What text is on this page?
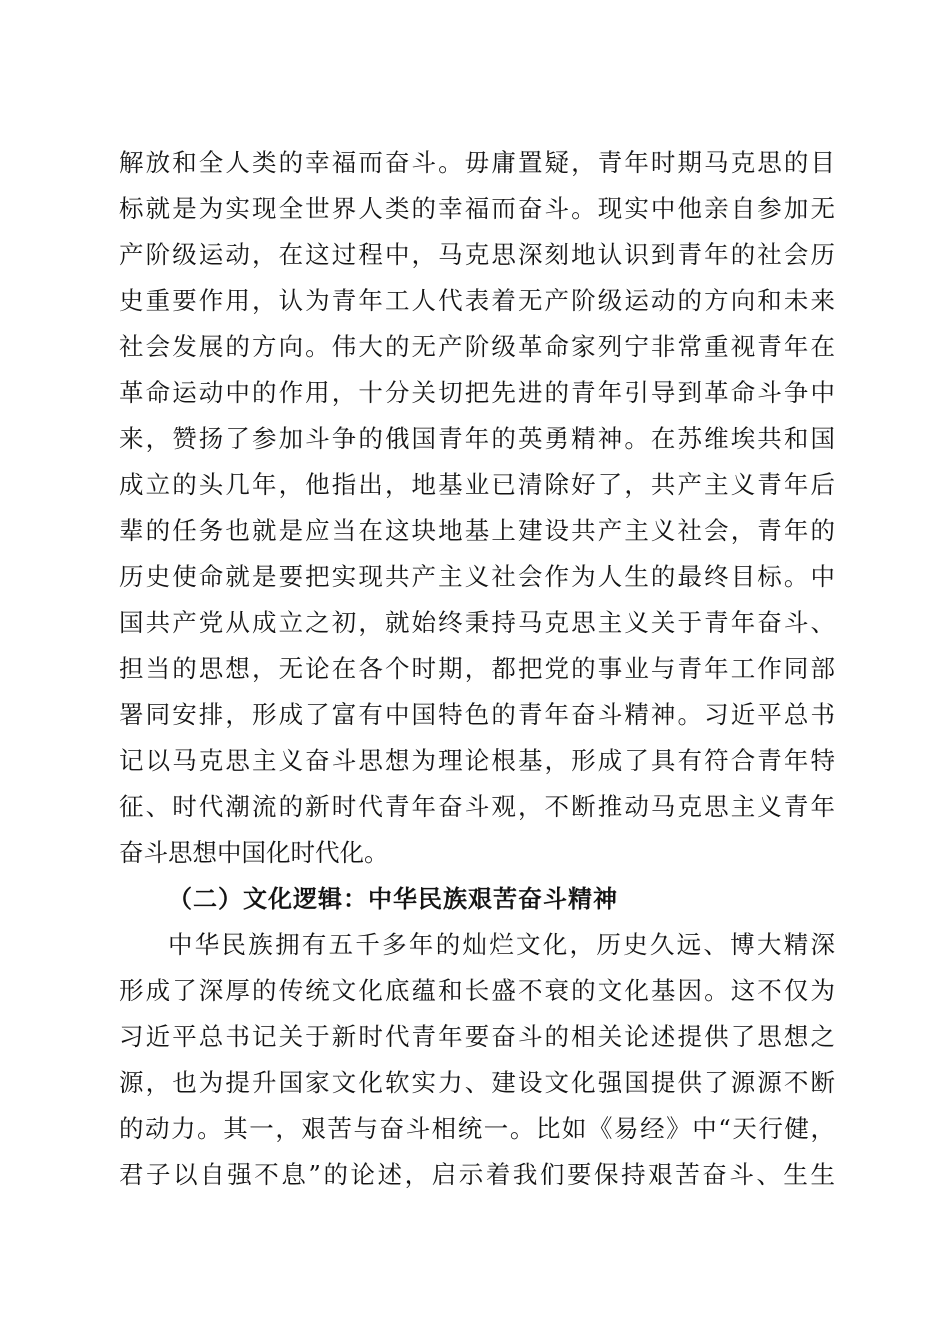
解放和全人类的幸福而奋斗。毋庸置疑，青年时期马克思的目
标就是为实现全世界人类的幸福而奋斗。现实中他亲自参加无
产阶级运动，在这过程中，马克思深刻地认识到青年的社会历
史重要作用，认为青年工人代表着无产阶级运动的方向和未来
社会发展的方向。伟大的无产阶级革命家列宁非常重视青年在
革命运动中的作用，十分关切把先进的青年引导到革命斗争中
来，赞扬了参加斗争的俄国青年的英勇精神。在苏维埃共和国
成立的头几年，他指出，地基业已清除好了，共产主义青年后
辈的任务也就是应当在这块地基上建设共产主义社会，青年的
历史使命就是要把实现共产主义社会作为人生的最终目标。中
国共产党从成立之初，就始终秉持马克思主义关于青年奋斗、
担当的思想，无论在各个时期，都把党的事业与青年工作同部
署同安排，形成了富有中国特色的青年奋斗精神。习近平总书
记以马克思主义奋斗思想为理论根基，形成了具有符合青年特
征、时代潮流的新时代青年奋斗观，不断推动马克思主义青年
奋斗思想中国化时代化。
（二）文化逻辑：中华民族艰苦奋斗精神
中华民族拥有五千多年的灿烂文化，历史久远、博大精深
形成了深厚的传统文化底蕴和长盛不衰的文化基因。这不仅为
习近平总书记关于新时代青年要奋斗的相关论述提供了思想之
源，也为提升国家文化软实力、建设文化强国提供了源源不断
的动力。其一，艰苦与奋斗相统一。比如《易经》中“天行健，
君子以自强不息”的论述，启示着我们要保持艰苦奋斗、生生
